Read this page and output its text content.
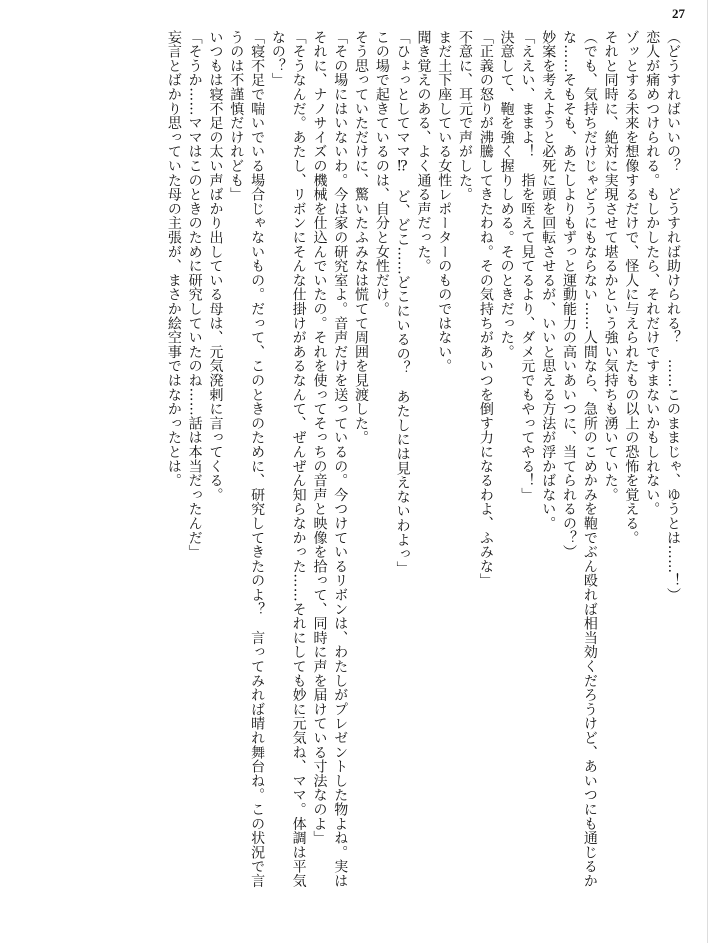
27
（どうすればいいの？　どうすれば助けられる？　……このままじゃ、ゆうとは……！）
恋人が痛めつけられる。もしかしたら、それだけですまないかもしれない。
ゾッとする未来を想像するだけで、怪人に与えられたもの以上の恐怖を覚える。
それと同時に、絶対に実現させて堪るかという強い気持ちも湧いていた。
（でも、気持ちだけじゃどうにもならない……人間なら、急所のこめかみを鞄でぶん殴れば相当効くだろうけど、あいつにも通じるか
な……そもそも、あたしよりもずっと運動能力の高いあいつに、当てられるの？）
妙案を考えようと必死に頭を回転させるが、いいと思える方法が浮かばない。
「ええい、ままよ！　指を咥えて見てるより、ダメ元でもやってやる！」
決意して、鞄を強く握りしめる。そのときだった。
「正義の怒りが沸騰してきたわね。その気持ちがあいつを倒す力になるわよ、ふみな」
不意に、耳元で声がした。
まだ土下座している女性レポーターのものではない。
聞き覚えのある、よく通る声だった。
「ひょっとしてママ⁉　ど、どこ……どこにいるの？　あたしには見えないわよっ」
この場で起きているのは、自分と女性だけ。
そう思っていただけに、驚いたふみなは慌てて周囲を見渡した。
「その場にはいないわ。今は家の研究室よ。音声だけを送っているの。今つけているリボンは、わたしがプレゼントした物よね。実は
それに、ナノサイズの機械を仕込んでいたの。それを使ってそっちの音声と映像を拾って、同時に声を届けている寸法なのよ」
「そうなんだ。あたし、リボンにそんな仕掛けがあるなんて、ぜんぜん知らなかった……それにしても妙に元気ね、ママ。体調は平気
なの？」
「寝不足で喘いでいる場合じゃないもの。だって、このときのために、研究してきたのよ？　言ってみれば晴れ舞台ね。この状況で言
うのは不謹慎だけれども」
いつもは寝不足の太い声ばかり出している母は、元気溌剌に言ってくる。
「そうか……ママはこのときのために研究していたのね……話は本当だったんだ」
妄言とばかり思っていた母の主張が、まさか絵空事ではなかったとは。
